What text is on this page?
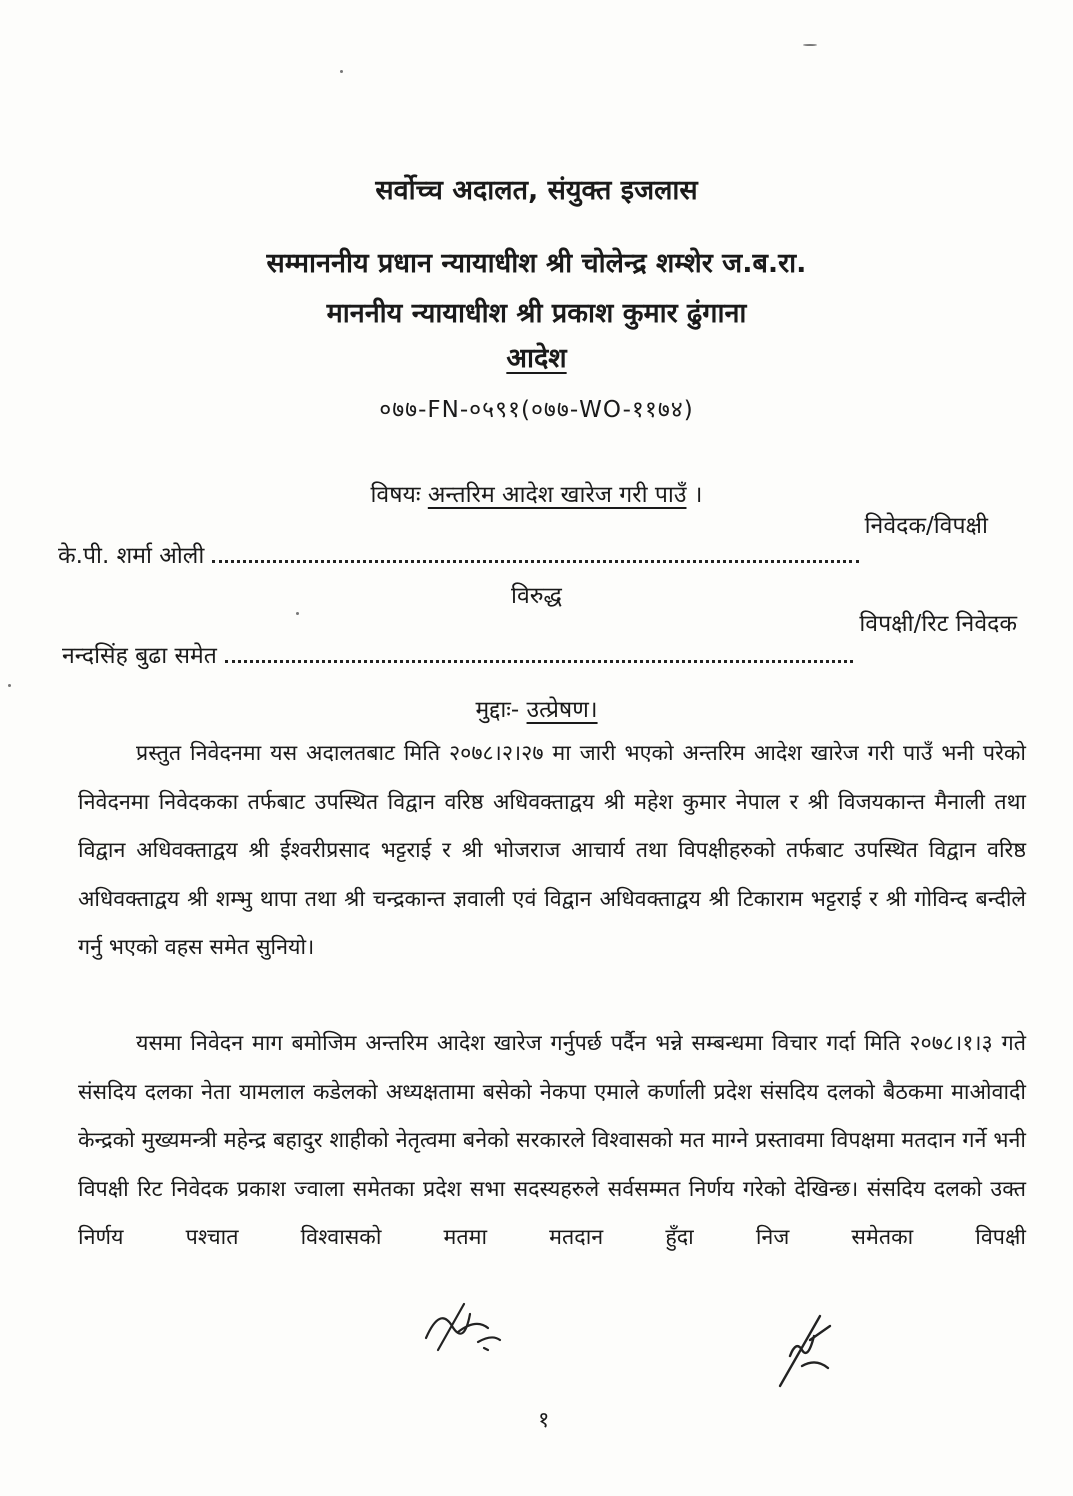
सर्वोच्च अदालत, संयुक्त इजलास
सम्माननीय प्रधान न्यायाधीश श्री चोलेन्द्र शम्शेर ज.ब.रा.
माननीय न्यायाधीश श्री प्रकाश कुमार ढुंगाना
आदेश
०७७-FN-०५९१(०७७-WO-११७४)
विषयः अन्तरिम आदेश खारेज गरी पाउँ ।
के.पी. शर्मा ओली
निवेदक/विपक्षी
विरुद्ध
नन्दसिंह बुढा समेत
विपक्षी/रिट निवेदक
मुद्दाः- उत्प्रेषण।

प्रस्तुत निवेदनमा यस अदालतबाट मिति २०७८।२।२७ मा जारी भएको अन्तरिम आदेश खारेज गरी पाउँ भनी परेको निवेदनमा निवेदकका तर्फबाट उपस्थित विद्वान वरिष्ठ अधिवक्ताद्वय श्री महेश कुमार नेपाल र श्री विजयकान्त मैनाली तथा विद्वान अधिवक्ताद्वय श्री ईश्वरीप्रसाद भट्टराई र श्री भोजराज आचार्य तथा विपक्षीहरुको तर्फबाट उपस्थित विद्वान वरिष्ठ अधिवक्ताद्वय श्री शम्भु थापा तथा श्री चन्द्रकान्त ज्ञवाली एवं विद्वान अधिवक्ताद्वय श्री टिकाराम भट्टराई र श्री गोविन्द बन्दीले गर्नु भएको वहस समेत सुनियो।

यसमा निवेदन माग बमोजिम अन्तरिम आदेश खारेज गर्नुपर्छ पर्दैन भन्ने सम्बन्धमा विचार गर्दा मिति २०७८।१।३ गते संसदिय दलका नेता यामलाल कडेलको अध्यक्षतामा बसेको नेकपा एमाले कर्णाली प्रदेश संसदिय दलको बैठकमा माओवादी केन्द्रको मुख्यमन्त्री महेन्द्र बहादुर शाहीको नेतृत्वमा बनेको सरकारले विश्वासको मत माग्ने प्रस्तावमा विपक्षमा मतदान गर्ने भनी विपक्षी रिट निवेदक प्रकाश ज्वाला समेतका प्रदेश सभा सदस्यहरुले सर्वसम्मत निर्णय गरेको देखिन्छ। संसदिय दलको उक्त निर्णय पश्चात विश्वासको मतमा मतदान हुँदा निज समेतका विपक्षी

१
